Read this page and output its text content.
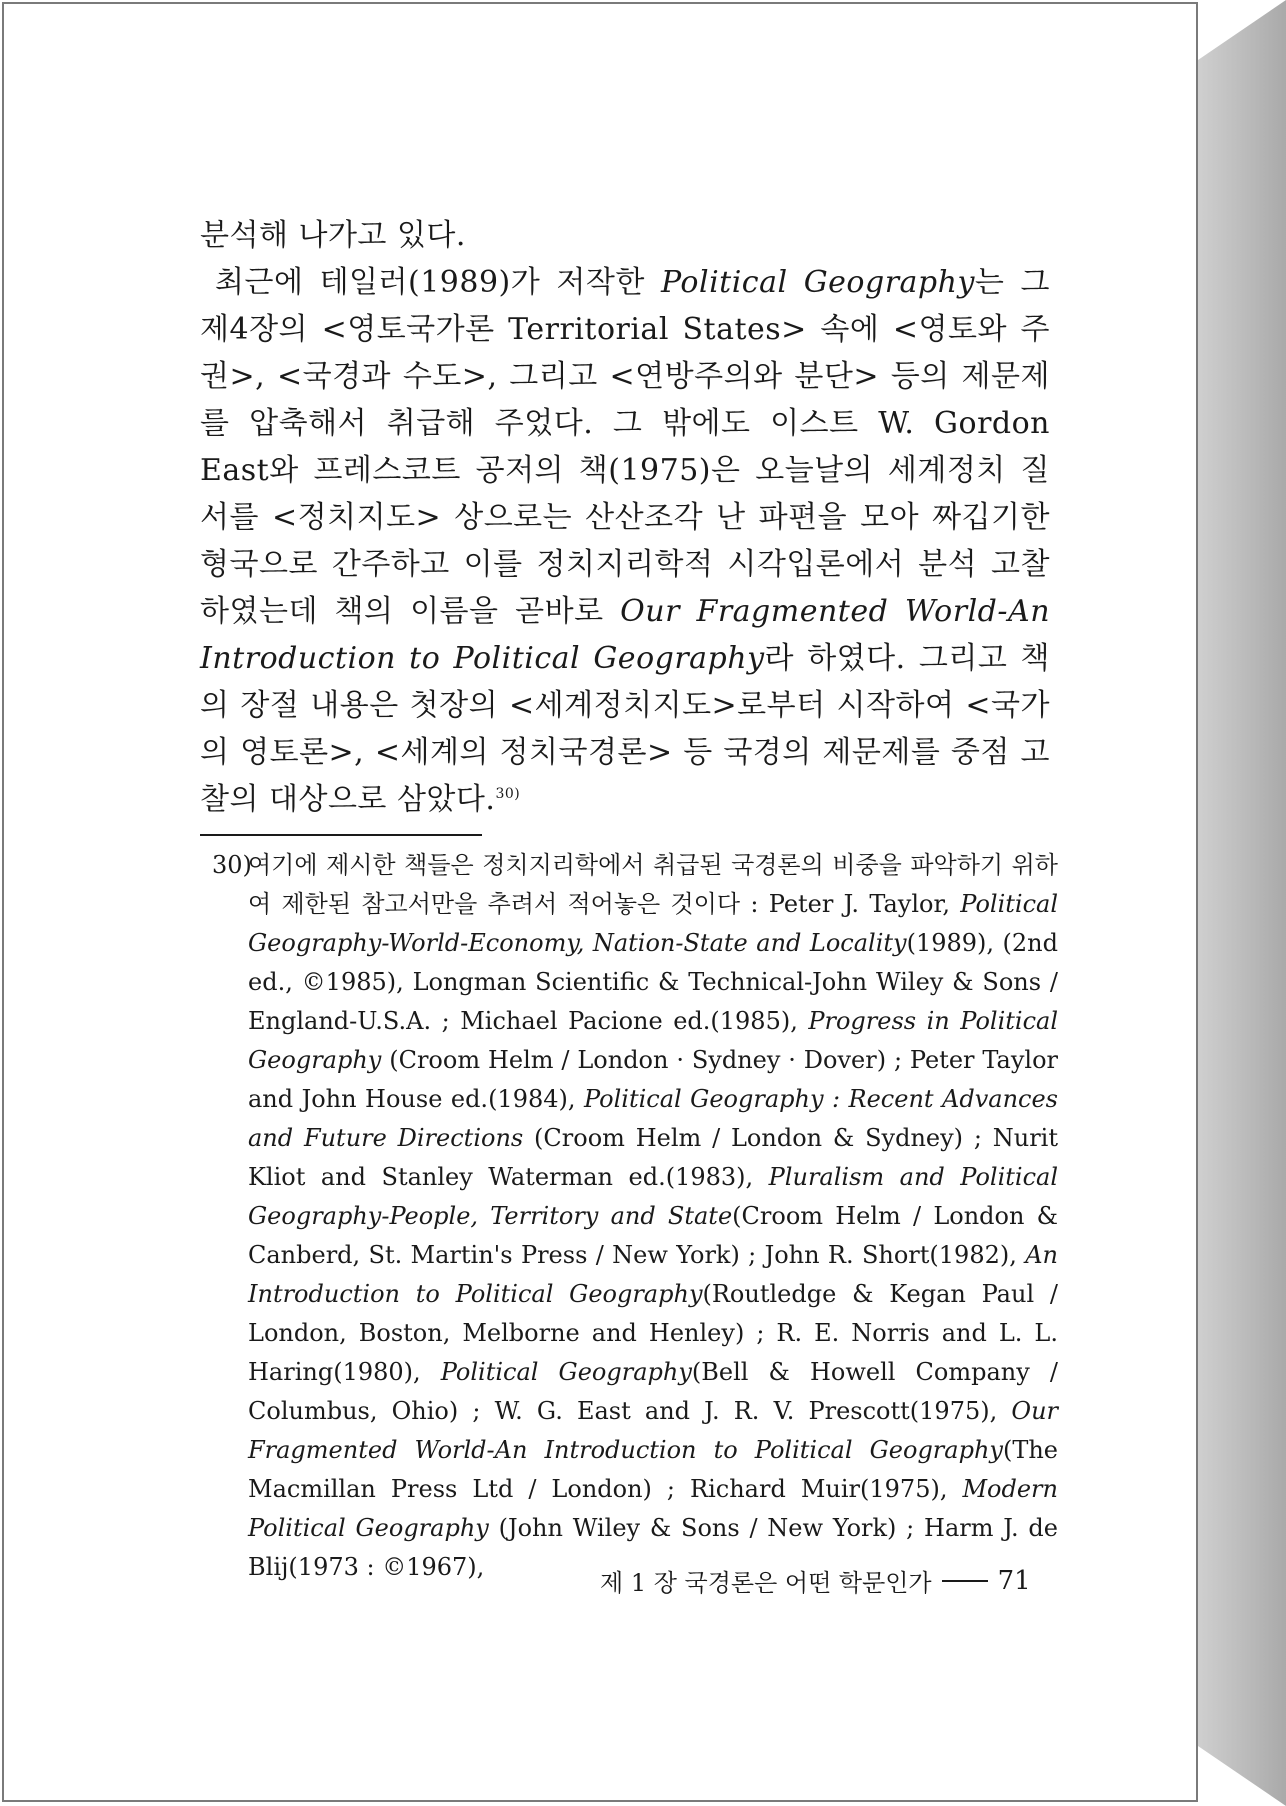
분석해 나가고 있다.

최근에 테일러(1989)가 저작한 Political Geography는 그 제4장의 <영토국가론 Territorial States> 속에 <영토와 주권>, <국경과 수도>, 그리고 <연방주의와 분단> 등의 제문제를 압축해서 취급해 주었다. 그 밖에도 이스트 W. Gordon East와 프레스코트 공저의 책(1975)은 오늘날의 세계정치 질서를 <정치지도> 상으로는 산산조각 난 파편을 모아 짜깁기한 형국으로 간주하고 이를 정치지리학적 시각입론에서 분석 고찰하였는데 책의 이름을 곧바로 Our Fragmented World-An Introduction to Political Geography라 하였다. 그리고 책의 장절 내용은 첫장의 <세계정치지도>로부터 시작하여 <국가의 영토론>, <세계의 정치국경론> 등 국경의 제문제를 중점 고찰의 대상으로 삼았다.$^{30)}$

30)
여기에 제시한 책들은 정치지리학에서 취급된 국경론의 비중을 파악하기 위하여 제한된 참고서만을 추려서 적어놓은 것이다 : Peter J. Taylor, Political Geography-World-Economy, Nation-State and Locality(1989), (2nd ed., ©1985), Longman Scientific & Technical-John Wiley & Sons / England-U.S.A. ; Michael Pacione ed.(1985), Progress in Political Geography (Croom Helm / London · Sydney · Dover) ; Peter Taylor and John House ed.(1984), Political Geography : Recent Advances and Future Directions (Croom Helm / London & Sydney) ; Nurit Kliot and Stanley Waterman ed.(1983), Pluralism and Political Geography-People, Territory and State(Croom Helm / London & Canberd, St. Martin's Press / New York) ; John R. Short(1982), An Introduction to Political Geography(Routledge & Kegan Paul / London, Boston, Melborne and Henley) ; R. E. Norris and L. L. Haring(1980), Political Geography(Bell & Howell Company / Columbus, Ohio) ; W. G. East and J. R. V. Prescott(1975), Our Fragmented World-An Introduction to Political Geography(The Macmillan Press Ltd / London) ; Richard Muir(1975), Modern Political Geography (John Wiley & Sons / New York) ; Harm J. de Blij(1973 : ©1967),
제 1 장 국경론은 어떤 학문인가	71
